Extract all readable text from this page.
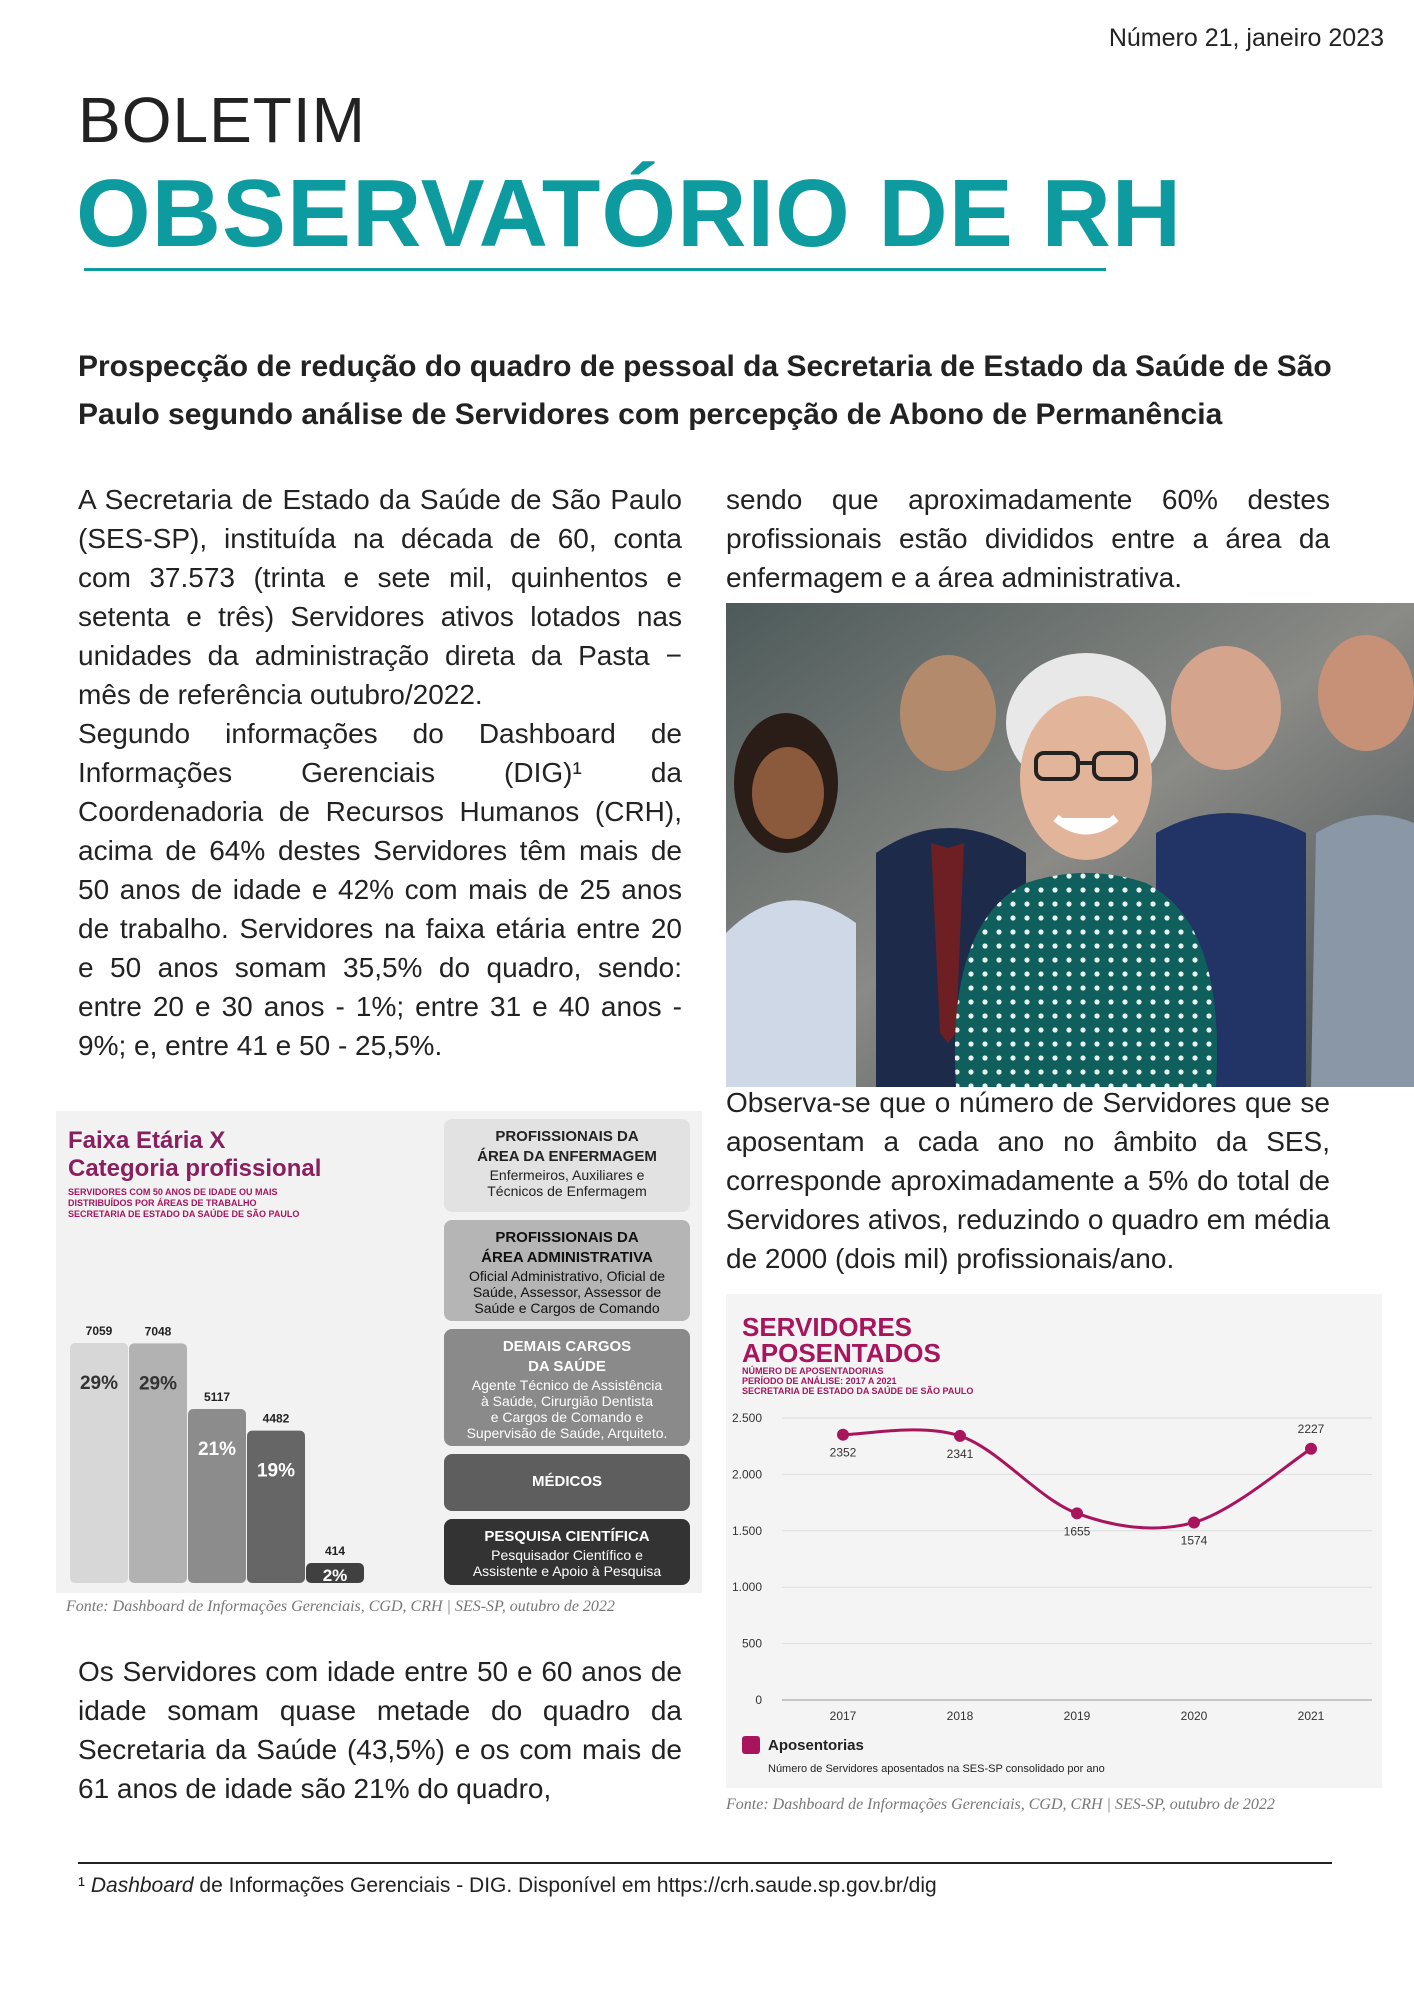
Número 21, janeiro 2023
BOLETIM
OBSERVATÓRIO DE RH
Prospecção de redução do quadro de pessoal da Secretaria de Estado da Saúde de São Paulo segundo análise de Servidores com percepção de Abono de Permanência

A Secretaria de Estado da Saúde de São Paulo (SES-SP), instituída na década de 60, conta com 37.573 (trinta e sete mil, quinhentos e setenta e três) Servidores ativos lotados nas unidades da administração direta da Pasta − mês de referência outubro/2022.

Segundo informações do Dashboard de Informações Gerenciais (DIG)¹ da Coordenadoria de Recursos Humanos (CRH), acima de 64% destes Servidores têm mais de 50 anos de idade e 42% com mais de 25 anos de trabalho. Servidores na faixa etária entre 20 e 50 anos somam 35,5% do quadro, sendo: entre 20 e 30 anos - 1%; entre 31 e 40 anos - 9%; e, entre 41 e 50 - 25,5%.

sendo que aproximadamente 60% destes profissionais estão divididos entre a área da enfermagem e a área administrativa.

Observa-se que o número de Servidores que se aposentam a cada ano no âmbito da SES, corresponde aproximadamente a 5% do total de Servidores ativos, reduzindo o quadro em média de 2000 (dois mil) profissionais/ano.

Faixa Etária X
Categoria profissional
SERVIDORES COM 50 ANOS DE IDADE OU MAIS
DISTRIBUÍDOS POR ÁREAS DE TRABALHO
SECRETARIA DE ESTADO DA SAÚDE DE SÃO PAULO
7059
29%
7048
29%
5117
21%
4482
19%
414
2%
PROFISSIONAIS DA
ÁREA DA ENFERMAGEM
Enfermeiros, Auxiliares e
Técnicos de Enfermagem
PROFISSIONAIS DA
ÁREA ADMINISTRATIVA
Oficial Administrativo, Oficial de
Saúde, Assessor, Assessor de
Saúde e Cargos de Comando
DEMAIS CARGOS
DA SAÚDE
Agente Técnico de Assistência
à Saúde, Cirurgião Dentista
e Cargos de Comando e
Supervisão de Saúde, Arquiteto.
MÉDICOS
PESQUISA CIENTÍFICA
Pesquisador Científico e
Assistente e Apoio à Pesquisa
Fonte: Dashboard de Informações Gerenciais, CGD, CRH | SES-SP, outubro de 2022

Os Servidores com idade entre 50 e 60 anos de idade somam quase metade do quadro da Secretaria da Saúde (43,5%) e os com mais de 61 anos de idade são 21% do quadro,

SERVIDORES
APOSENTADOS
NÚMERO DE APOSENTADORIAS
PERÍODO DE ANÁLISE: 2017 A 2021
SECRETARIA DE ESTADO DA SAÚDE DE SÃO PAULO
0
500
1.000
1.500
2.000
2.500
2352
2017
2341
2018
1655
2019
1574
2020
2227
2021
Aposentorias
Número de Servidores aposentados na SES-SP consolidado por ano
Fonte: Dashboard de Informações Gerenciais, CGD, CRH | SES-SP, outubro de 2022
¹ Dashboard de Informações Gerenciais - DIG. Disponível em https://crh.saude.sp.gov.br/dig
